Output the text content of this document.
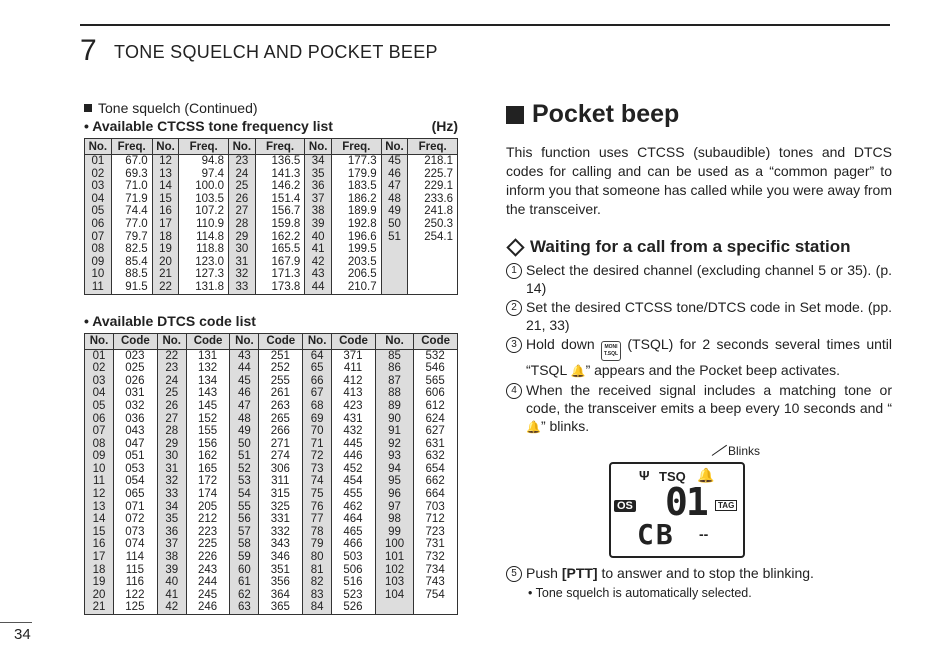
7 TONE SQUELCH AND POCKET BEEP
Tone squelch (Continued)
• Available CTCSS tone frequency list	(Hz)
No.	Freq.	No.	Freq.	No.	Freq.	No.	Freq.	No.	Freq.
01	67.0	12	94.8	23	136.5	34	177.3	45	218.1
02	69.3	13	97.4	24	141.3	35	179.9	46	225.7
03	71.0	14	100.0	25	146.2	36	183.5	47	229.1
04	71.9	15	103.5	26	151.4	37	186.2	48	233.6
05	74.4	16	107.2	27	156.7	38	189.9	49	241.8
06	77.0	17	110.9	28	159.8	39	192.8	50	250.3
07	79.7	18	114.8	29	162.2	40	196.6	51	254.1
08	82.5	19	118.8	30	165.5	41	199.5		
09	85.4	20	123.0	31	167.9	42	203.5		
10	88.5	21	127.3	32	171.3	43	206.5		
11	91.5	22	131.8	33	173.8	44	210.7		
• Available DTCS code list
No.	Code	No.	Code	No.	Code	No.	Code	No.	Code
01	023	22	131	43	251	64	371	85	532
02	025	23	132	44	252	65	411	86	546
03	026	24	134	45	255	66	412	87	565
04	031	25	143	46	261	67	413	88	606
05	032	26	145	47	263	68	423	89	612
06	036	27	152	48	265	69	431	90	624
07	043	28	155	49	266	70	432	91	627
08	047	29	156	50	271	71	445	92	631
09	051	30	162	51	274	72	446	93	632
10	053	31	165	52	306	73	452	94	654
11	054	32	172	53	311	74	454	95	662
12	065	33	174	54	315	75	455	96	664
13	071	34	205	55	325	76	462	97	703
14	072	35	212	56	331	77	464	98	712
15	073	36	223	57	332	78	465	99	723
16	074	37	225	58	343	79	466	100	731
17	114	38	226	59	346	80	503	101	732
18	115	39	243	60	351	81	506	102	734
19	116	40	244	61	356	82	516	103	743
20	122	41	245	62	364	83	523	104	754
21	125	42	246	63	365	84	526		
Pocket beep
This function uses CTCSS (subaudible) tones and DTCS codes for calling and can be used as a “common pager” to inform you that someone has called while you were away from the transceiver.
Waiting for a call from a specific station
1 Select the desired channel (excluding channel 5 or 35). (p. 14)
2 Set the desired CTCSS tone/DTCS code in Set mode. (pp. 21, 33)
3 Hold down MONI
T.SQL (TSQL) for 2 seconds several times until “TSQL 🔔” appears and the Pocket beep activates.
4 When the received signal includes a matching tone or code, the transceiver emits a beep every 10 seconds and “🔔” blinks.
Blinks
Ψ TSQ 🔔
OS 01	TAG
CB --
5 Push [PTT] to answer and to stop the blinking.
• Tone squelch is automatically selected.
34
